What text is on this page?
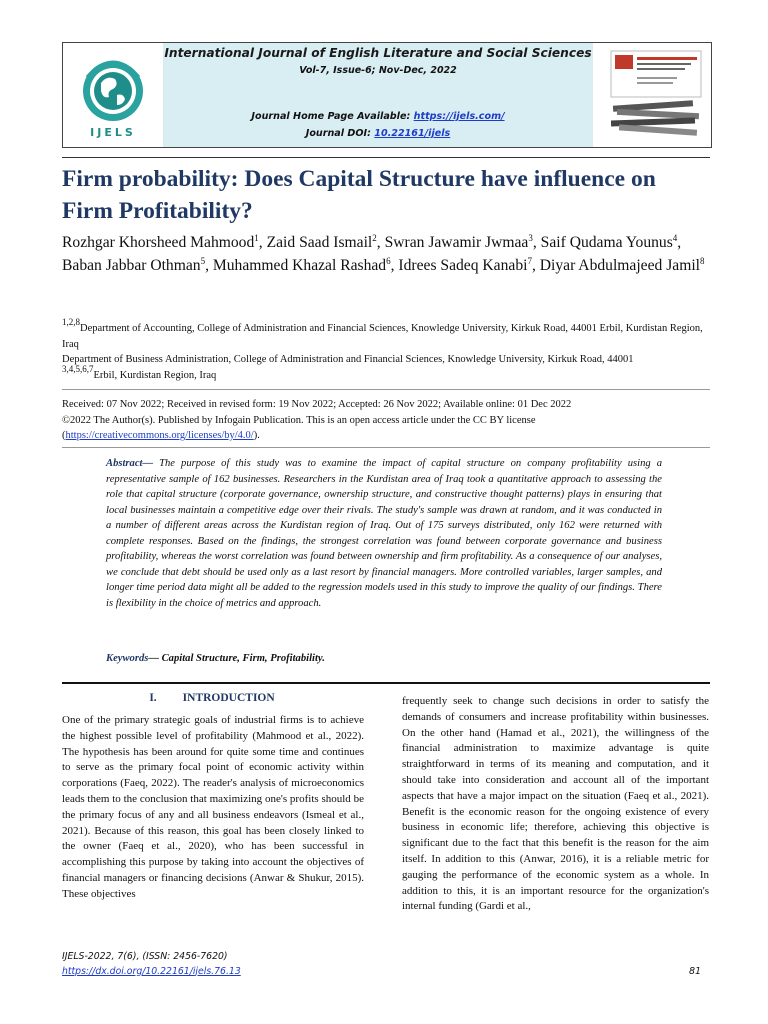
IJELS
International Journal of English Literature and Social Sciences
Vol-7, Issue-6; Nov-Dec, 2022
Journal Home Page Available: https://ijels.com/
Journal DOI: 10.22161/ijels
Firm probability: Does Capital Structure have influence on Firm Profitability?
Rozhgar Khorsheed Mahmood$^1$, Zaid Saad Ismail$^2$, Swran Jawamir Jwmaa$^3$, Saif Qudama Younus$^4$, Baban Jabbar Othman$^5$, Muhammed Khazal Rashad$^6$, Idrees Sadeq Kanabi$^7$, Diyar Abdulmajeed Jamil$^8$
$^{1,2,8}$Department of Accounting, College of Administration and Financial Sciences, Knowledge University, Kirkuk Road, 44001 Erbil, Kurdistan Region, Iraq
Department of Business Administration, College of Administration and Financial Sciences, Knowledge University, Kirkuk Road, 44001
$^{3,4,5,6,7}$Erbil, Kurdistan Region, Iraq
Received: 07 Nov 2022; Received in revised form: 19 Nov 2022; Accepted: 26 Nov 2022; Available online: 01 Dec 2022
©2022 The Author(s). Published by Infogain Publication. This is an open access article under the CC BY license
(https://creativecommons.org/licenses/by/4.0/).
Abstract— The purpose of this study was to examine the impact of capital structure on company profitability using a representative sample of 162 businesses. Researchers in the Kurdistan area of Iraq took a quantitative approach to assessing the role that capital structure (corporate governance, ownership structure, and constructive thought patterns) plays in ensuring that local businesses maintain a competitive edge over their rivals. The study's sample was drawn at random, and it was conducted in a number of different areas across the Kurdistan region of Iraq. Out of 175 surveys distributed, only 162 were returned with complete responses. Based on the findings, the strongest correlation was found between corporate governance and business profitability, whereas the worst correlation was found between ownership and firm profitability. As a consequence of our analyses, we conclude that debt should be used only as a last resort by financial managers. More controlled variables, larger samples, and longer time period data might all be added to the regression models used in this study to improve the quality of our findings. There is flexibility in the choice of metrics and approach.
Keywords— Capital Structure, Firm, Profitability.
I. INTRODUCTION
One of the primary strategic goals of industrial firms is to achieve the highest possible level of profitability (Mahmood et al., 2022). The hypothesis has been around for quite some time and continues to serve as the primary focal point of economic activity within corporations (Faeq, 2022). The reader's analysis of microeconomics leads them to the conclusion that maximizing one's profits should be the primary focus of any and all business endeavors (Ismeal et al., 2021). Because of this reason, this goal has been closely linked to the owner (Faeq et al., 2020), who has been successful in accomplishing this purpose by taking into account the objectives of financial managers or financing decisions (Anwar & Shukur, 2015). These objectives
frequently seek to change such decisions in order to satisfy the demands of consumers and increase profitability within businesses. On the other hand (Hamad et al., 2021), the willingness of the financial administration to maximize advantage is quite straightforward in terms of its meaning and computation, and it should take into consideration and account all of the important aspects that have a major impact on the situation (Faeq et al., 2021). Benefit is the economic reason for the ongoing existence of every business in economic life; therefore, achieving this objective is significant due to the fact that this benefit is the reason for the aim itself. In addition to this (Anwar, 2016), it is a reliable metric for gauging the performance of the economic system as a whole. In addition to this, it is an important resource for the organization's internal funding (Gardi et al.,
IJELS-2022, 7(6), (ISSN: 2456-7620)
https://dx.doi.org/10.22161/ijels.76.13	81
